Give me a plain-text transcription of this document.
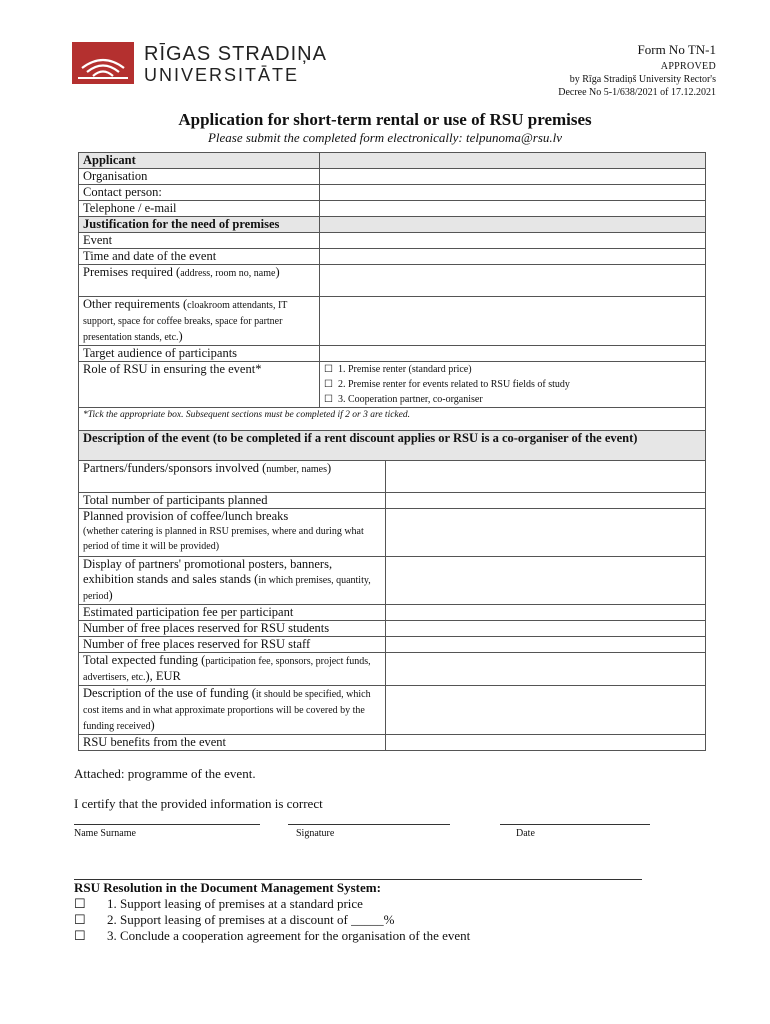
RĪGAS STRADIŅA
UNIVERSITĀTE
Form No TN-1
APPROVED
by Rīga Stradiņš University Rector's
Decree No 5-1/638/2021 of 17.12.2021
Application for short-term rental or use of RSU premises
Please submit the completed form electronically: telpunoma@rsu.lv
Applicant	
Organisation	
Contact person:	
Telephone / e-mail	
Justification for the need of premises	
Event	
Time and date of the event	
Premises required (address, room no, name)	
Other requirements (cloakroom attendants, IT support, space for coffee breaks, space for partner presentation stands, etc.)	
Target audience of participants	
Role of RSU in ensuring the event*	☐ 1. Premise renter (standard price)
☐ 2. Premise renter for events related to RSU fields of study
☐ 3. Cooperation partner, co-organiser

*Tick the appropriate box. Subsequent sections must be completed if 2 or 3 are ticked.	
Description of the event (to be completed if a rent discount applies or RSU is a co-organiser of the event)	
Partners/funders/sponsors involved (number, names)	
Total number of participants planned	

Planned provision of coffee/lunch breaks
(whether catering is planned in RSU premises, where and during what period of time it will be provided)	

Display of partners' promotional posters, banners, exhibition stands and sales stands (in which premises, quantity, period)	
Estimated participation fee per participant	
Number of free places reserved for RSU students	
Number of free places reserved for RSU staff	
Total expected funding (participation fee, sponsors, project funds, advertisers, etc.), EUR	
Description of the use of funding (it should be specified, which cost items and in what approximate proportions will be covered by the funding received)	
RSU benefits from the event	
Attached: programme of the event.
I certify that the provided information is correct
Name Surname	Signature	Date
RSU Resolution in the Document Management System:
☐ 1. Support leasing of premises at a standard price
☐ 2. Support leasing of premises at a discount of _____%
☐ 3. Conclude a cooperation agreement for the organisation of the event
